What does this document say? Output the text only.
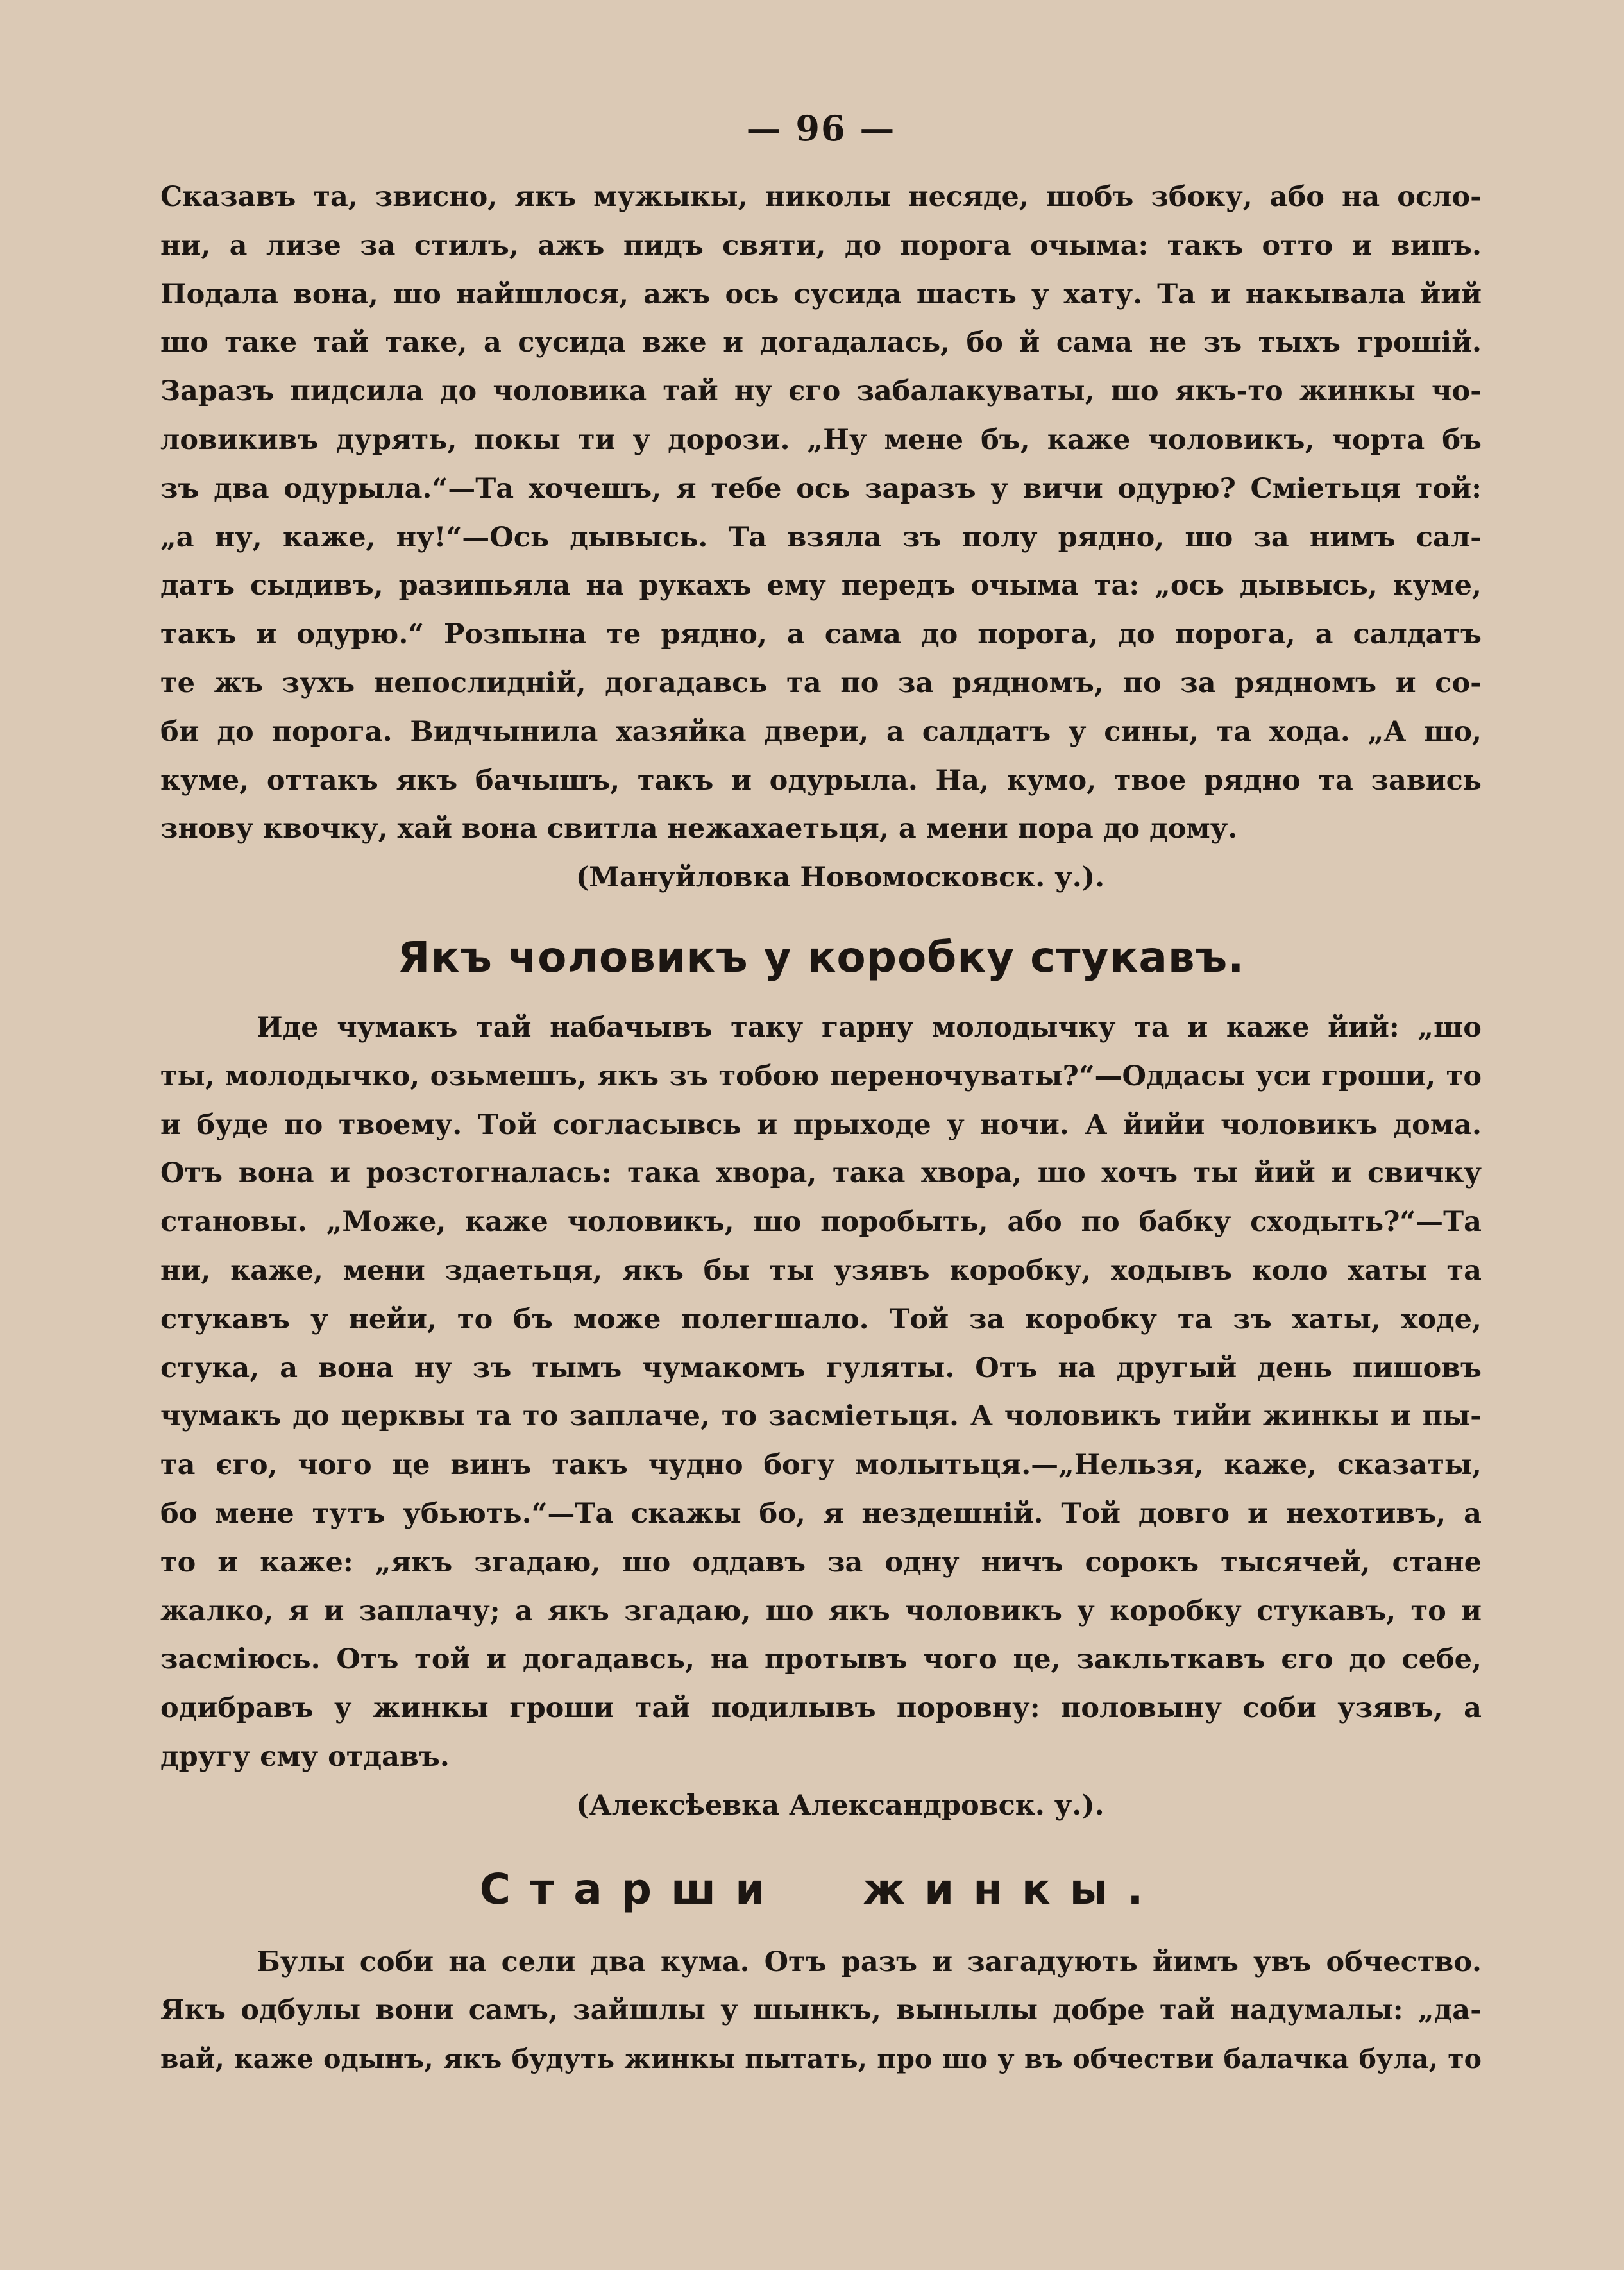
— 96 —
Сказавъ та, звисно, якъ мужыкы, николы несяде, шобъ збоку, або на осло-
ни, а лизе за стилъ, ажъ пидъ святи, до порога очыма: такъ отто и випъ.
Подала вона, шо найшлося, ажъ ось сусида шасть у хату. Та и накывала йий
шо таке тай таке, а сусида вже и догадалась, бо й сама не зъ тыхъ грошій.
Заразъ пидсила до чоловика тай ну єго забалакуваты, шо якъ-то жинкы чо-
ловикивъ дурять, покы ти у дорози. „Ну мене бъ, каже чоловикъ, чорта бъ
зъ два одурыла.“—Та хочешъ, я тебе ось заразъ у вичи одурю? Сміетьця той:
„а ну, каже, ну!“—Ось дывысь. Та взяла зъ полу рядно, шо за нимъ сал-
датъ сыдивъ, разипьяла на рукахъ ему передъ очыма та: „ось дывысь, куме,
такъ и одурю.“ Розпына те рядно, а сама до порога, до порога, а салдатъ
те жъ зухъ непослидній, догадавсь та по за рядномъ, по за рядномъ и со-
би до порога. Видчынила хазяйка двери, а салдатъ у сины, та хода. „А шо,
куме, оттакъ якъ бачышъ, такъ и одурыла. На, кумо, твое рядно та завись
знову квочку, хай вона свитла нежахаетьця, а мени пора до дому.
(Мануйловка Новомосковск. у.).
Якъ чоловикъ у коробку стукавъ.
Иде чумакъ тай набачывъ таку гарну молодычку та и каже йий: „шо
ты, молодычко, озьмешъ, якъ зъ тобою переночуваты?“—Оддасы уси гроши, то
и буде по твоему. Той согласывсь и прыходе у ночи. А йийи чоловикъ дома.
Отъ вона и розстогналась: така хвора, така хвора, шо хочъ ты йий и свичку
становы. „Може, каже чоловикъ, шо поробыть, або по бабку сходыть?“—Та
ни, каже, мени здаетьця, якъ бы ты узявъ коробку, ходывъ коло хаты та
стукавъ у нейи, то бъ може полегшало. Той за коробку та зъ хаты, ходе,
стука, а вона ну зъ тымъ чумакомъ гуляты. Отъ на другый день пишовъ
чумакъ до церквы та то заплаче, то засміетьця. А чоловикъ тийи жинкы и пы-
та єго, чого це винъ такъ чудно богу молытьця.—„Нельзя, каже, сказаты,
бо мене тутъ убьють.“—Та скажы бо, я нездешній. Той довго и нехотивъ, а
то и каже: „якъ згадаю, шо оддавъ за одну ничъ сорокъ тысячей, стане
жалко, я и заплачу; а якъ згадаю, шо якъ чоловикъ у коробку стукавъ, то и
засміюсь. Отъ той и догадавсь, на протывъ чого це, закльткавъ єго до себе,
одибравъ у жинкы гроши тай подилывъ поровну: половыну соби узявъ, а
другу єму отдавъ.
(Алексѣевка Александровск. у.).
Старши жинкы.
Булы соби на сели два кума. Отъ разъ и загадують йимъ увъ обчество.
Якъ одбулы вони самъ, зайшлы у шынкъ, вынылы добре тай надумалы: „да-
вай, каже одынъ, якъ будуть жинкы пытать, про шо у въ обчестви балачка була, то
